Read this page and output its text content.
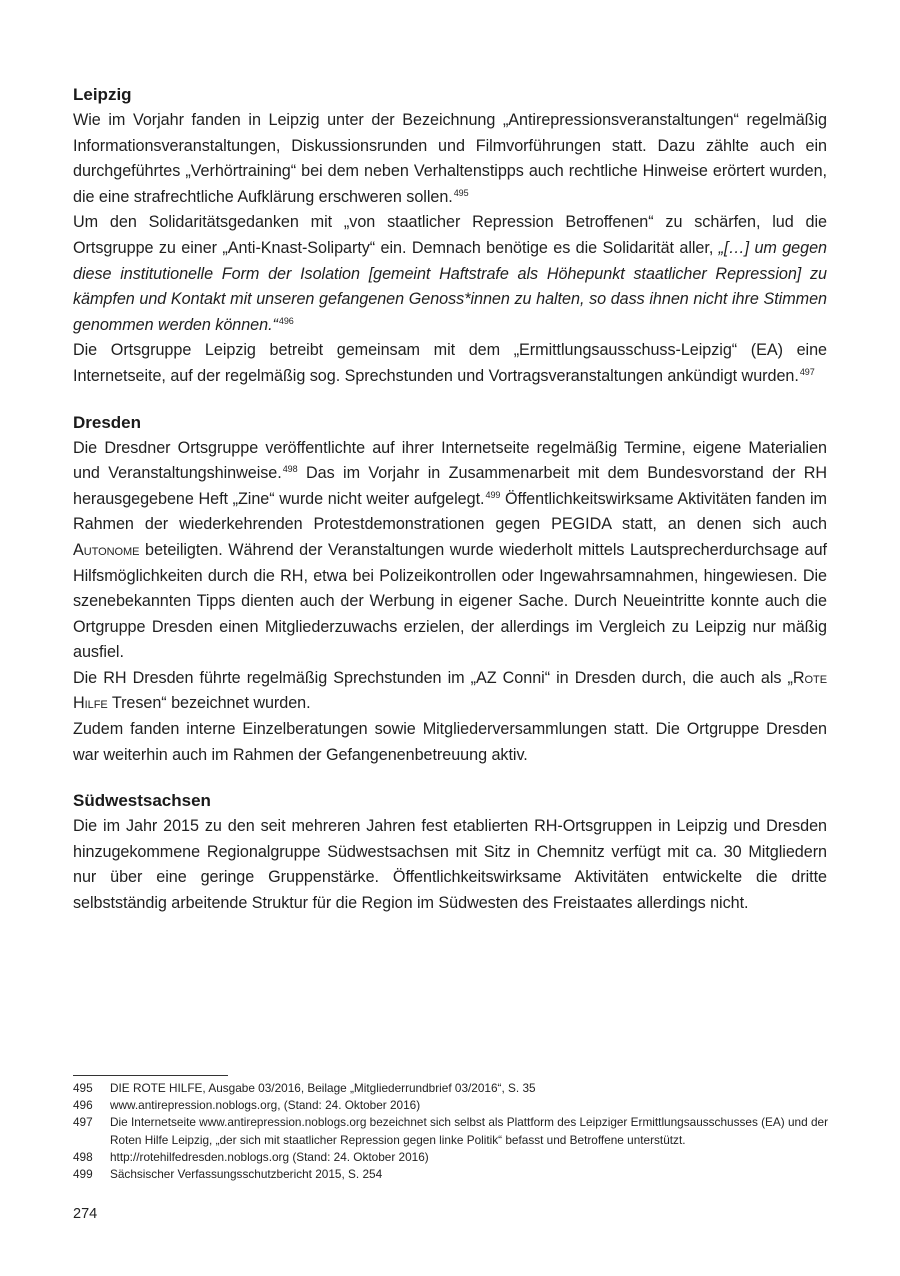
Leipzig

Wie im Vorjahr fanden in Leipzig unter der Bezeichnung „Antirepressionsveranstaltungen“ regelmäßig Informationsveranstaltungen, Diskussionsrunden und Filmvorführungen statt. Dazu zählte auch ein durchgeführtes „Verhörtraining“ bei dem neben Verhaltenstipps auch rechtliche Hinweise erörtert wurden, die eine strafrechtliche Aufklärung erschweren sollen.$^{495}$

Um den Solidaritätsgedanken mit „von staatlicher Repression Betroffenen“ zu schärfen, lud die Ortsgruppe zu einer „Anti-Knast-Soliparty“ ein. Demnach benötige es die Solidarität aller, „[…] um gegen diese institutionelle Form der Isolation [gemeint Haftstrafe als Höhepunkt staatlicher Repression] zu kämpfen und Kontakt mit unseren gefangenen Genoss*innen zu halten, so dass ihnen nicht ihre Stimmen genommen werden können.“$^{496}$

Die Ortsgruppe Leipzig betreibt gemeinsam mit dem „Ermittlungsausschuss-Leipzig“ (EA) eine Internetseite, auf der regelmäßig sog. Sprechstunden und Vortragsveranstaltungen ankündigt wurden.$^{497}$

Dresden

Die Dresdner Ortsgruppe veröffentlichte auf ihrer Internetseite regelmäßig Termine, eigene Materialien und Veranstaltungshinweise.$^{498}$ Das im Vorjahr in Zusammenarbeit mit dem Bundesvorstand der RH herausgegebene Heft „Zine“ wurde nicht weiter aufgelegt.$^{499}$ Öffentlichkeitswirksame Aktivitäten fanden im Rahmen der wiederkehrenden Protestdemonstrationen gegen PEGIDA statt, an denen sich auch Autonome beteiligten. Während der Veranstaltungen wurde wiederholt mittels Lautsprecherdurchsage auf Hilfsmöglichkeiten durch die RH, etwa bei Polizeikontrollen oder Ingewahrsamnahmen, hingewiesen. Die szenebekannten Tipps dienten auch der Werbung in eigener Sache. Durch Neueintritte konnte auch die Ortgruppe Dresden einen Mitgliederzuwachs erzielen, der allerdings im Vergleich zu Leipzig nur mäßig ausfiel.

Die RH Dresden führte regelmäßig Sprechstunden im „AZ Conni“ in Dresden durch, die auch als „Rote Hilfe Tresen“ bezeichnet wurden.

Zudem fanden interne Einzelberatungen sowie Mitgliederversammlungen statt. Die Ortgruppe Dresden war weiterhin auch im Rahmen der Gefangenenbetreuung aktiv.

Südwestsachsen

Die im Jahr 2015 zu den seit mehreren Jahren fest etablierten RH-Ortsgruppen in Leipzig und Dresden hinzugekommene Regionalgruppe Südwestsachsen mit Sitz in Chemnitz verfügt mit ca. 30 Mitgliedern nur über eine geringe Gruppenstärke. Öffentlichkeitswirksame Aktivitäten entwickelte die dritte selbstständig arbeitende Struktur für die Region im Südwesten des Freistaates allerdings nicht.

495	DIE ROTE HILFE, Ausgabe 03/2016, Beilage „Mitgliederrundbrief 03/2016“, S. 35
496	www.antirepression.noblogs.org, (Stand: 24. Oktober 2016)
497	Die Internetseite www.antirepression.noblogs.org bezeichnet sich selbst als Plattform des Leipziger Ermittlungsausschusses (EA) und der Roten Hilfe Leipzig, „der sich mit staatlicher Repression gegen linke Politik“ befasst und Betroffene unterstützt.
498	http://rotehilfedresden.noblogs.org (Stand: 24. Oktober 2016)
499	Sächsischer Verfassungsschutzbericht 2015, S. 254
274
